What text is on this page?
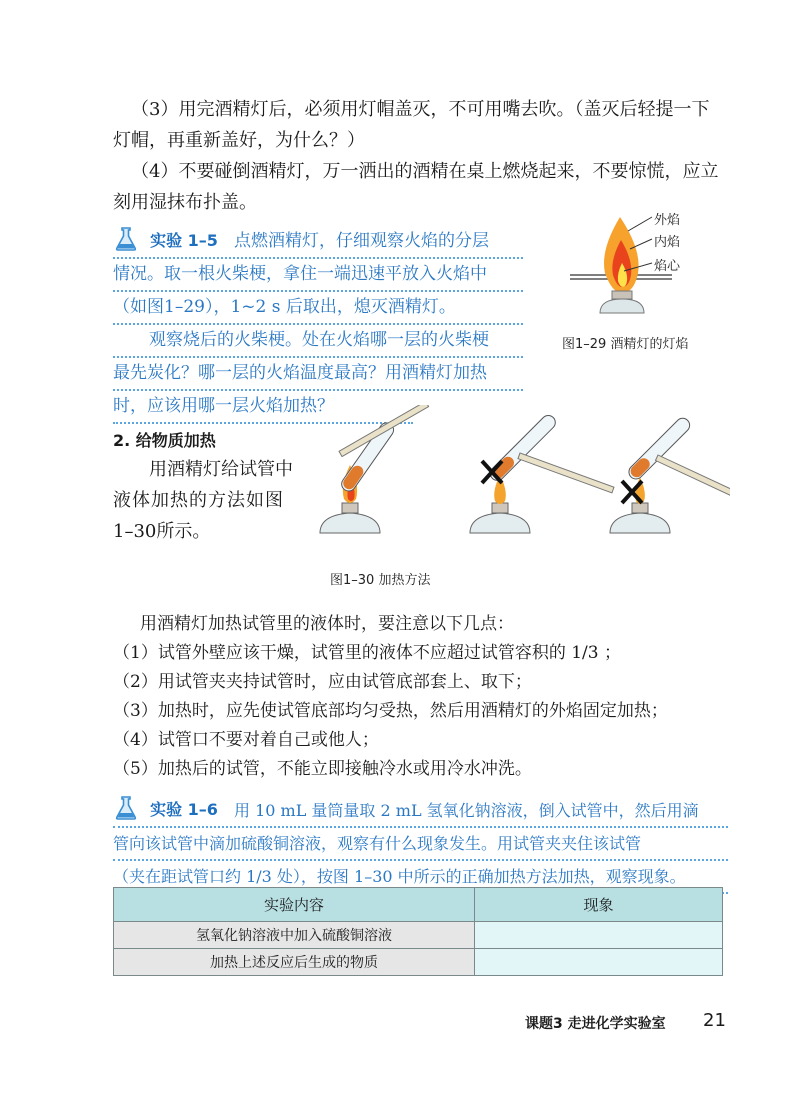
（3）用完酒精灯后，必须用灯帽盖灭，不可用嘴去吹。（盖灭后轻提一下

灯帽，再重新盖好，为什么？）

（4）不要碰倒酒精灯，万一洒出的酒精在桌上燃烧起来，不要惊慌，应立

刻用湿抹布扑盖。

实验 1–5 点燃酒精灯，仔细观察火焰的分层
情况。取一根火柴梗，拿住一端迅速平放入火焰中
（如图1–29），1~2 s 后取出，熄灭酒精灯。
观察烧后的火柴梗。处在火焰哪一层的火柴梗
最先炭化？哪一层的火焰温度最高？用酒精灯加热
时，应该用哪一层火焰加热？
外焰
内焰
焰心
图1–29 酒精灯的灯焰
2. 给物质加热
用酒精灯给试管中
液体加热的方法如图
1–30所示。
图1–30 加热方法
用酒精灯加热试管里的液体时，要注意以下几点：
（1）试管外壁应该干燥，试管里的液体不应超过试管容积的 1/3 ；
（2）用试管夹夹持试管时，应由试管底部套上、取下；
（3）加热时，应先使试管底部均匀受热，然后用酒精灯的外焰固定加热；
（4）试管口不要对着自己或他人；
（5）加热后的试管，不能立即接触冷水或用冷水冲洗。
实验 1–6	用 10 mL 量筒量取 2 mL 氢氧化钠溶液，倒入试管中，然后用滴
管向该试管中滴加硫酸铜溶液，观察有什么现象发生。用试管夹夹住该试管
（夹在距试管口约 1/3 处），按图 1–30 中所示的正确加热方法加热，观察现象。
实验内容	现象
氢氧化钠溶液中加入硫酸铜溶液	
加热上述反应后生成的物质	
课题3 走进化学实验室 21
